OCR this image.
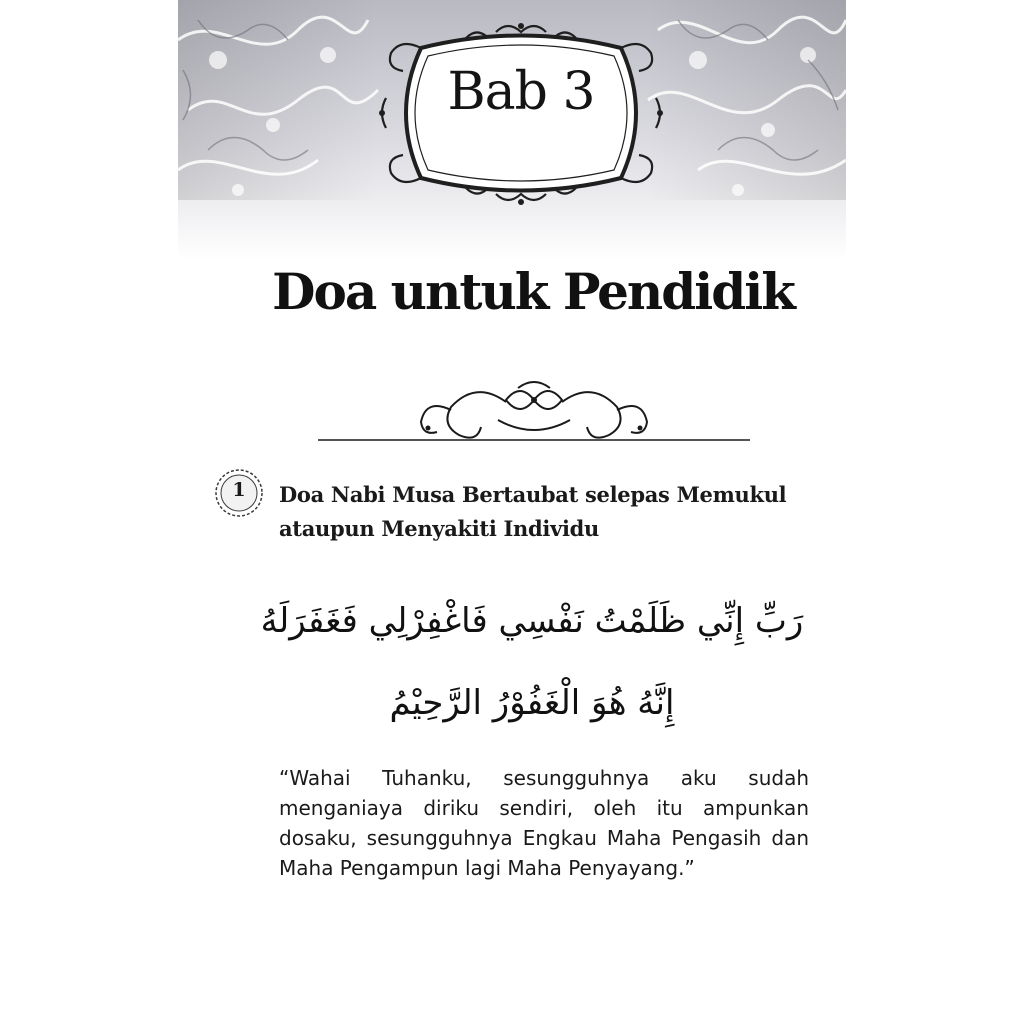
Bab 3
Doa untuk Pendidik
1	Doa Nabi Musa Bertaubat selepas Memukul ataupun Menyakiti Individu
رَبِّ إِنِّي ظَلَمْتُ نَفْسِي فَاغْفِرْلِي فَغَفَرَلَهُ إِنَّهُ هُوَ الْغَفُوْرُ الرَّحِيْمُ
“Wahai Tuhanku, sesungguhnya aku sudah menganiaya diriku sendiri, oleh itu ampunkan dosaku, sesungguhnya Engkau Maha Pengasih dan Maha Pengampun lagi Maha Penyayang.”
